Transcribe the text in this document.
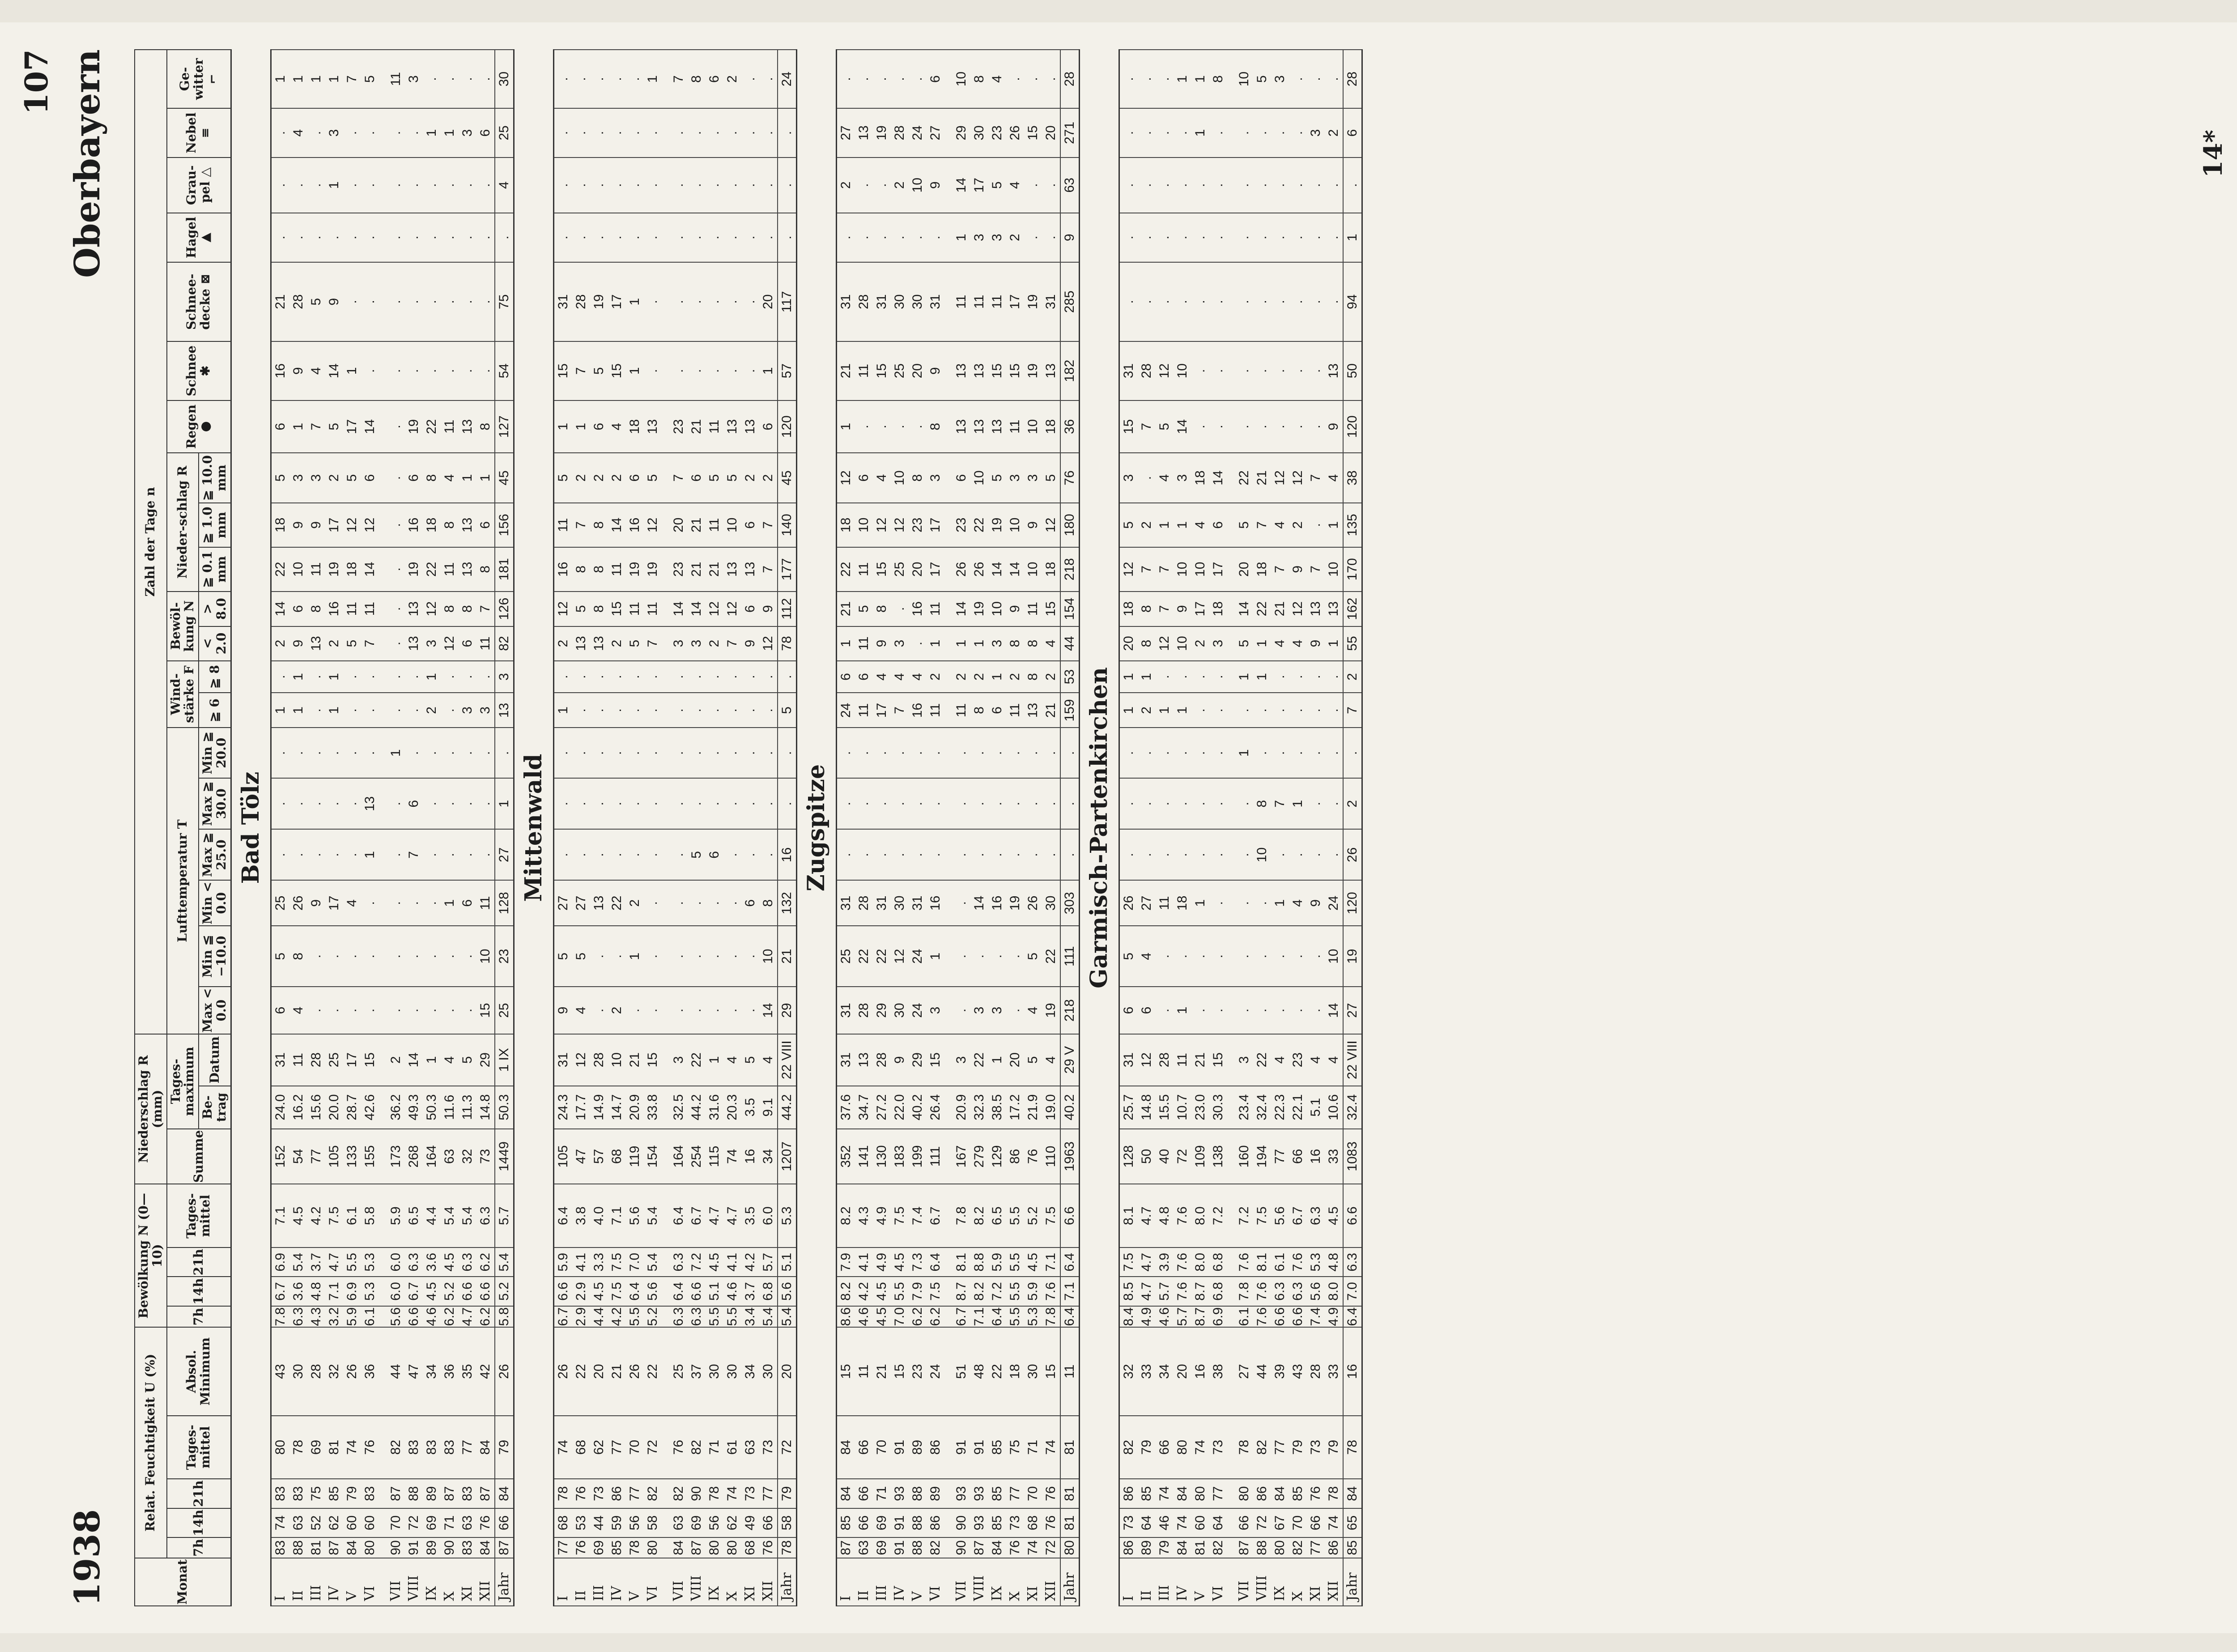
1938
107 Oberbayern
Monat	Relat. Feuchtigkeit U (%)					Bewölkung N (0—10)				Niederschlag R (mm)			Zahl der Tage n																			
	7h	14h	21h	Tages-mittel	Absol. Minimum	7h	14h	21h	Tages-mittel	Summe	Tages-maximum		Lufttemperatur T						Wind-stärke F		Bewöl-kung N		Nieder-schlag R			Regen ●	Schnee ✱	Schnee-decke ⊠	Hagel ▲	Grau-pel △	Nebel ≡	Ge-witter ⌐
											Be-trag	Datum	Max < 0.0	Min ≦ −10.0	Min < 0.0	Max ≧ 25.0	Max ≧ 30.0	Min ≧ 20.0	≧ 6	≧ 8	< 2.0	> 8.0	≧ 0.1 mm	≧ 1.0 mm	≧ 10.0 mm							
Bad Tölz																																
I	83	74	83	80	43	7.8	6.7	6.9	7.1	152	24.0	31	6	5	25	.	.	.	1	.	2	14	22	18	5	6	16	21	.	.	.	1
II	88	63	83	78	30	6.3	3.6	5.4	4.5	54	16.2	11	4	8	26	.	.	.	1	1	9	6	10	9	3	1	9	28	.	.	4	1
III	81	52	75	69	28	4.3	4.8	3.7	4.2	77	15.6	28	.	.	9	.	.	.	.	.	13	8	11	9	3	7	4	5	.	.	.	1
IV	87	62	85	81	32	3.2	7.1	4.7	7.5	105	20.0	25	.	.	17	.	.	.	1	1	2	16	19	17	2	5	14	9	.	1	3	1
V	84	60	79	74	26	5.9	6.9	5.5	6.1	133	28.7	17	.	.	4	.	.	.	.	.	5	11	18	12	5	17	1	.	.	.	.	7
VI	80	60	83	76	36	6.1	5.3	5.3	5.8	155	42.6	15	.	.	.	1	13	.	.	.	7	11	14	12	6	14	.	.	.	.	.	5

VII	90	70	87	82	44	5.6	6.0	6.0	5.9	173	36.2	2	.	.	.	.	.	1	.	.	.	.	.	.	.	.	.	.	.	.	.	11
VIII	91	72	88	83	47	6.6	6.7	6.3	6.5	268	49.3	14	.	.	.	7	6	.	.	.	13	13	19	16	6	19	.	.	.	.	.	3
IX	89	69	89	83	34	4.6	4.5	3.6	4.4	164	50.3	1	.	.	.	.	.	.	2	1	3	12	22	18	8	22	.	.	.	.	1	.
X	90	71	87	83	36	6.2	5.2	4.5	5.4	63	11.6	4	.	.	1	.	.	.	.	.	12	8	11	8	4	11	.	.	.	.	1	.
XI	83	63	83	77	35	4.7	6.6	6.3	5.4	32	11.3	5	.	.	6	.	.	.	3	.	6	8	13	13	1	13	.	.	.	.	3	.
XII	84	76	87	84	42	6.2	6.6	6.2	6.3	73	14.8	29	15	10	11	.	.	.	3	.	11	7	8	6	1	8	.	.	.	.	6	.
Jahr	87	66	84	79	26	5.8	5.2	5.4	5.7	1449	50.3	1 IX	25	23	128	27	1	.	13	3	82	126	181	156	45	127	54	75	.	4	25	30
Mittenwald																																
I	77	68	78	74	26	6.7	6.6	5.9	6.4	105	24.3	31	9	5	27	.	.	.	1	.	2	12	16	11	5	1	15	31	.	.	.	.
II	76	53	76	68	22	2.9	2.9	4.1	3.8	47	17.7	12	4	5	27	.	.	.	.	.	13	5	8	7	2	1	7	28	.	.	.	.
III	69	44	73	62	20	4.4	4.5	3.3	4.0	57	14.9	28	.	.	13	.	.	.	.	.	13	8	8	8	2	6	5	19	.	.	.	.
IV	85	59	86	77	21	4.2	7.5	7.5	7.1	68	14.7	10	2	.	22	.	.	.	.	.	2	15	11	14	2	4	15	17	.	.	.	.
V	78	56	77	70	26	5.5	6.4	7.0	5.6	119	20.9	21	.	1	2	.	.	.	.	.	5	11	19	16	6	18	1	1	.	.	.	.
VI	80	58	82	72	22	5.2	5.6	5.4	5.4	154	33.8	15	.	.	.	.	.	.	.	.	7	11	19	12	5	13	.	.	.	.	.	1

VII	84	63	82	76	25	6.3	6.4	6.3	6.4	164	32.5	3	.	.	.	.	.	.	.	.	3	14	23	20	7	23	.	.	.	.	.	7
VIII	87	69	90	82	37	6.3	6.6	7.2	6.7	254	44.2	22	.	.	.	5	.	.	.	.	3	14	21	21	6	21	.	.	.	.	.	8
IX	80	56	78	71	30	5.5	5.1	4.5	4.7	115	31.6	1	.	.	.	6	.	.	.	.	2	12	21	11	5	11	.	.	.	.	.	6
X	80	62	74	61	30	5.5	4.6	4.1	4.7	74	20.3	4	.	.	.	.	.	.	.	.	7	12	13	10	5	13	.	.	.	.	.	2
XI	68	49	73	63	34	3.4	3.7	4.2	3.5	16	3.5	5	.	.	6	.	.	.	.	.	9	6	13	6	2	13	.	.	.	.	.	.
XII	76	66	77	73	30	5.4	6.8	5.7	6.0	34	9.1	4	14	10	8	.	.	.	.	.	12	9	7	7	2	6	1	20	.	.	.	.
Jahr	78	58	79	72	20	5.4	5.6	5.1	5.3	1207	44.2	22 VIII	29	21	132	16	.	.	5	.	78	112	177	140	45	120	57	117	.	.	.	24
Zugspitze																																
I	87	85	84	84	15	8.6	8.2	7.9	8.2	352	37.6	31	31	25	31	.	.	.	24	6	1	21	22	18	12	1	21	31	.	2	27	.
II	63	66	66	66	11	4.6	4.2	4.1	4.3	141	34.7	13	28	22	28	.	.	.	11	6	11	5	11	10	6	.	11	28	.	.	13	.
III	69	69	71	70	21	4.5	4.5	4.9	4.9	130	27.2	28	29	22	31	.	.	.	17	4	9	8	15	12	4	.	15	31	.	.	19	.
IV	91	91	93	91	15	7.0	5.5	4.5	7.5	183	22.0	9	30	12	30	.	.	.	7	4	3	.	25	12	10	.	25	30	.	2	28	.
V	88	88	88	89	23	6.2	7.9	7.3	7.4	199	40.2	29	24	24	31	.	.	.	16	4	.	16	20	23	8	.	20	30	.	10	24	.
VI	82	86	89	86	24	6.2	7.5	6.4	6.7	111	26.4	15	3	1	16	.	.	.	11	2	1	11	17	17	3	8	9	31	.	9	27	6

VII	90	90	93	91	51	6.7	8.7	8.1	7.8	167	20.9	3	.	.	.	.	.	.	11	2	1	14	26	23	6	13	13	11	1	14	29	10
VIII	87	93	93	91	48	7.1	8.2	8.8	8.2	279	32.3	22	3	.	14	.	.	.	8	2	1	19	26	22	10	13	13	11	3	17	30	8
IX	84	85	85	85	22	6.4	7.2	5.9	6.5	129	38.5	1	3	.	16	.	.	.	6	1	3	10	14	19	5	13	15	11	3	5	23	4
X	76	73	77	75	18	5.5	5.5	5.5	5.5	86	17.2	20	.	.	19	.	.	.	11	2	8	9	14	10	3	11	15	17	2	4	26	.
XI	74	68	70	71	30	5.3	5.9	4.5	5.2	76	21.9	5	4	5	26	.	.	.	13	8	8	11	10	9	3	10	19	19	.	.	15	.
XII	72	76	76	74	15	7.8	7.6	7.1	7.5	110	19.0	4	19	22	30	.	.	.	21	2	4	15	18	12	5	18	13	31	.	.	20	.
Jahr	80	81	81	81	11	6.4	7.1	6.4	6.6	1963	40.2	29 V	218	111	303	.	.	.	159	53	44	154	218	180	76	36	182	285	9	63	271	28
Garmisch-Partenkirchen																																
I	86	73	86	82	32	8.4	8.5	7.5	8.1	128	25.7	31	6	5	26	.	.	.	1	1	20	18	12	5	3	15	31	.	.	.	.	.
II	89	64	85	79	33	4.9	4.7	4.7	4.7	50	14.8	12	6	4	27	.	.	.	2	1	8	8	7	2	.	7	28	.	.	.	.	.
III	79	46	74	66	34	4.6	5.7	3.9	4.8	40	15.5	28	.	.	11	.	.	.	1	.	12	7	7	1	4	5	12	.	.	.	.	.
IV	84	74	84	80	20	5.7	7.6	7.6	7.6	72	10.7	11	1	.	18	.	.	.	1	.	10	9	10	1	3	14	10	.	.	.	.	1
V	81	60	80	74	16	8.7	8.7	8.0	8.0	109	23.0	21	.	.	1	.	.	.	.	.	2	17	10	4	18	.	.	.	.	.	1	1
VI	82	64	77	73	38	6.9	6.8	6.8	7.2	138	30.3	15	.	.	.	.	.	.	.	.	3	18	17	6	14	.	.	.	.	.	.	8

VII	87	66	80	78	27	6.1	7.8	7.6	7.2	160	23.4	3	.	.	.	.	.	1	.	1	5	14	20	5	22	.	.	.	.	.	.	10
VIII	88	72	86	82	44	7.6	7.6	8.1	7.5	194	32.4	22	.	.	.	10	8	.	.	1	1	22	18	7	21	.	.	.	.	.	.	5
IX	80	67	84	77	39	6.6	6.3	6.1	5.6	77	22.3	4	.	.	1	.	7	.	.	.	4	21	7	4	12	.	.	.	.	.	.	3
X	82	70	85	79	43	6.6	6.3	7.6	6.7	66	22.1	23	.	.	4	.	1	.	.	.	4	12	9	2	12	.	.	.	.	.	.	.
XI	77	66	76	73	28	7.4	5.6	5.3	6.3	16	5.1	4	.	.	9	.	.	.	.	.	9	13	7	.	7	.	.	.	.	.	3	.
XII	86	74	78	79	33	4.9	8.0	4.8	4.5	33	10.6	4	14	10	24	.	.	.	.	.	1	13	10	1	4	9	13	.	.	.	2	.
Jahr	85	65	84	78	16	6.4	7.0	6.3	6.6	1083	32.4	22 VIII	27	19	120	26	2	.	7	2	55	162	170	135	38	120	50	94	1	.	6	28
14*
